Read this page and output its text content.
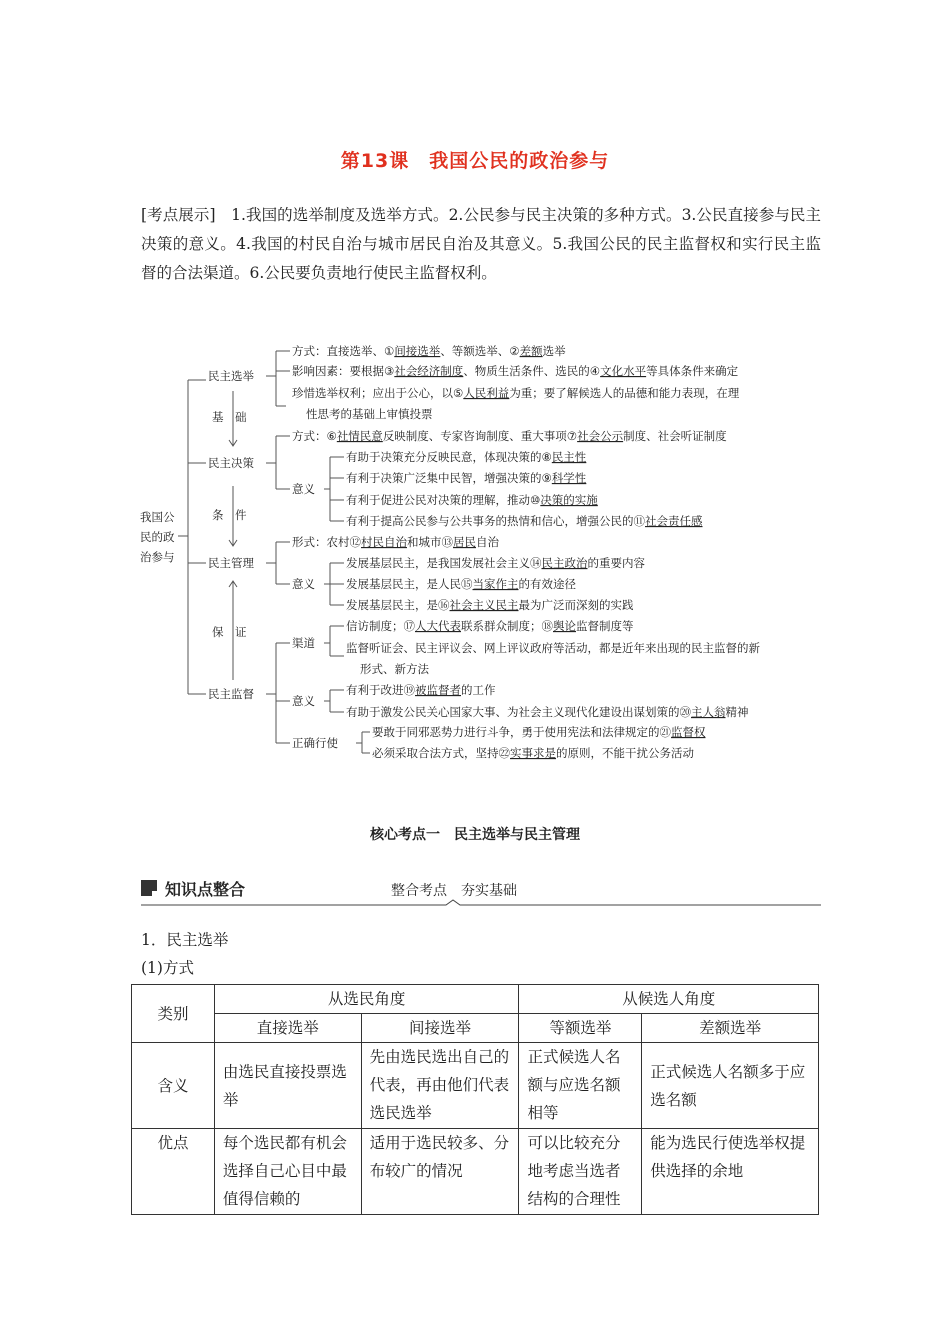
第13课　我国公民的政治参与
[考点展示]　1.我国的选举制度及选举方式。2.公民参与民主决策的多种方式。3.公民直接参与民主决策的意义。4.我国的村民自治与城市居民自治及其意义。5.我国公民的民主监督权和实行民主监督的合法渠道。6.公民要负责地行使民主监督权利。
我国公
民的政
治参与
民主选举
民主决策
民主管理
民主监督
基　础
条　件
保　证
方式：直接选举、①间接选举、等额选举、②差额选举
影响因素：要根据③社会经济制度、物质生活条件、选民的④文化水平等具体条件来确定
珍惜选举权利；应出于公心，以⑤人民利益为重；要了解候选人的品德和能力表现，在理
性思考的基础上审慎投票
方式：⑥社情民意反映制度、专家咨询制度、重大事项⑦社会公示制度、社会听证制度
意义
有助于决策充分反映民意，体现决策的⑧民主性
有利于决策广泛集中民智，增强决策的⑨科学性
有利于促进公民对决策的理解，推动⑩决策的实施
有利于提高公民参与公共事务的热情和信心，增强公民的⑪社会责任感
形式：农村⑫村民自治和城市⑬居民自治
意义
发展基层民主，是我国发展社会主义⑭民主政治的重要内容
发展基层民主，是人民⑮当家作主的有效途径
发展基层民主，是⑯社会主义民主最为广泛而深刻的实践
渠道
信访制度；⑰人大代表联系群众制度；⑱舆论监督制度等
监督听证会、民主评议会、网上评议政府等活动，都是近年来出现的民主监督的新
形式、新方法
意义
有利于改进⑲被监督者的工作
有助于激发公民关心国家大事、为社会主义现代化建设出谋划策的⑳主人翁精神
正确行使
要敢于同邪恶势力进行斗争，勇于使用宪法和法律规定的㉑监督权
必须采取合法方式，坚持㉒实事求是的原则，不能干扰公务活动
核心考点一　民主选举与民主管理
知识点整合	整合考点　夯实基础
1．民主选举
(1)方式
类别	从选民角度		从候选人角度	
	直接选举	间接选举	等额选举	差额选举
含义	由选民直接投票选举	先由选民选出自己的代表，再由他们代表选民选举	正式候选人名额与应选名额相等	正式候选人名额多于应选名额
优点	每个选民都有机会选择自己心目中最值得信赖的	适用于选民较多、分布较广的情况	可以比较充分地考虑当选者结构的合理性	能为选民行使选举权提供选择的余地
